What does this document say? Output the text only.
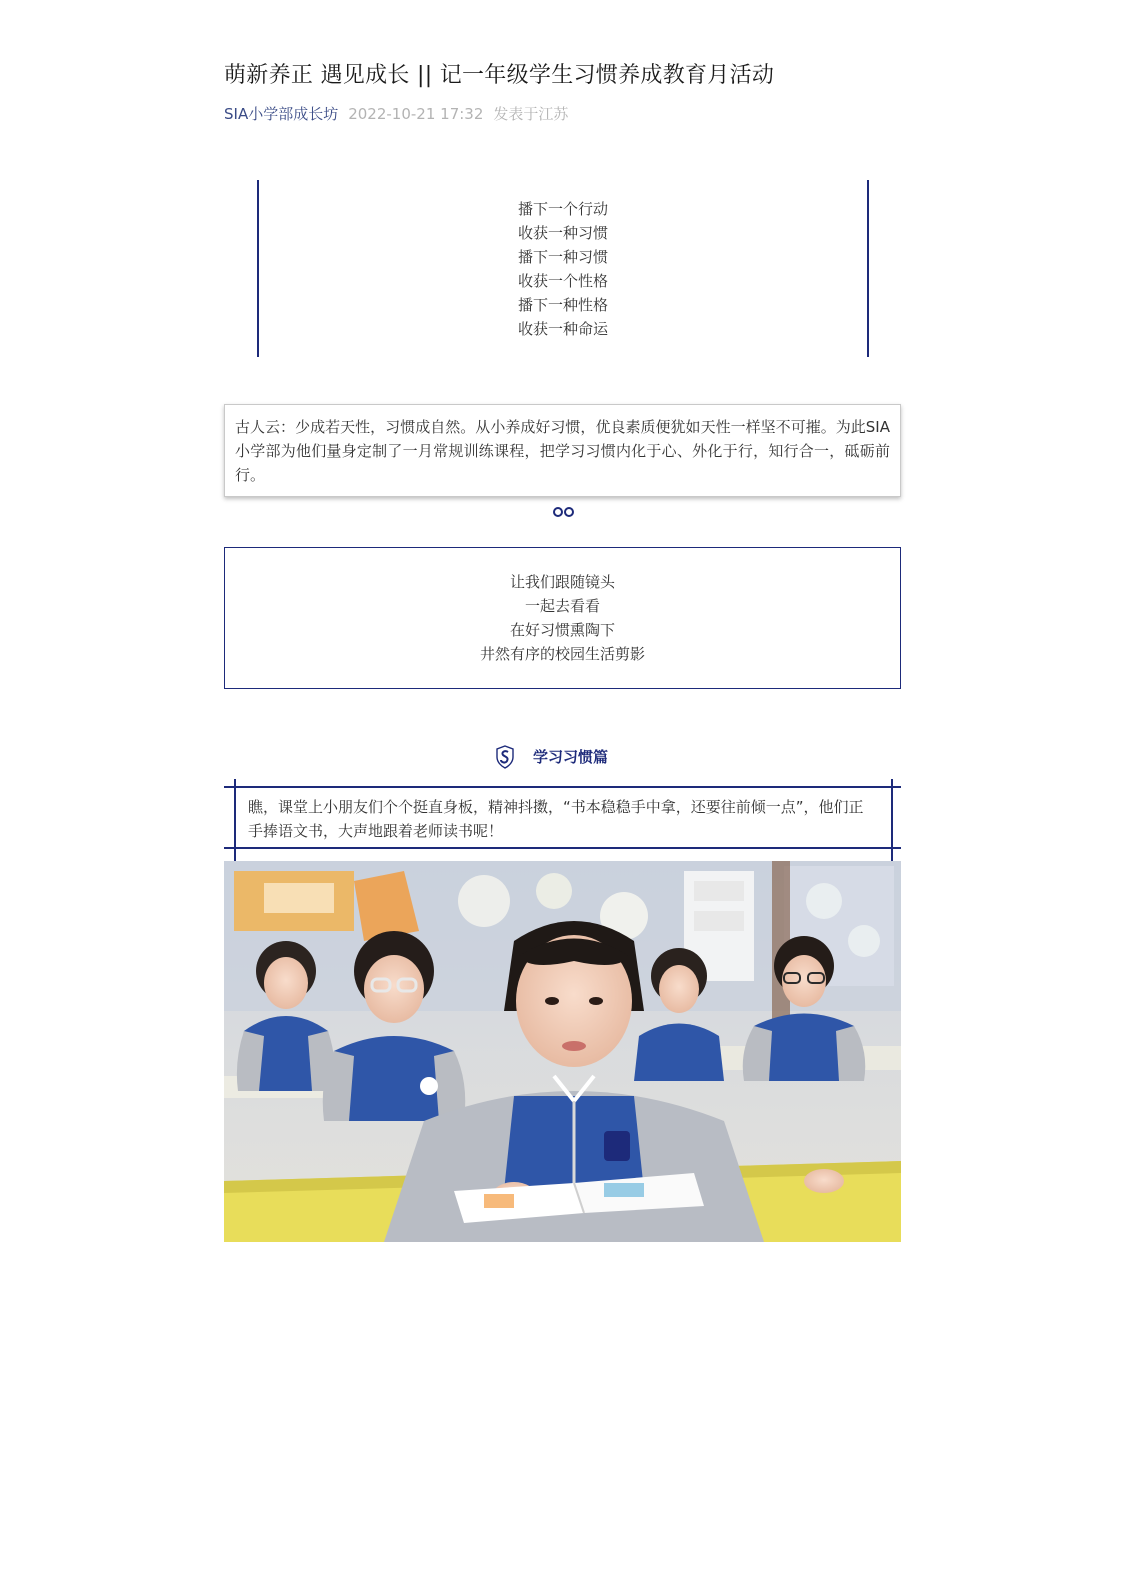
萌新养正 遇见成长 || 记一年级学生习惯养成教育月活动
SIA小学部成长坊 2022-10-21 17:32 发表于江苏
播下一个行动
收获一种习惯
播下一种习惯
收获一个性格
播下一种性格
收获一种命运
古人云：少成若天性，习惯成自然。从小养成好习惯，优良素质便犹如天性一样坚不可摧。为此SIA小学部为他们量身定制了一月常规训练课程，把学习习惯内化于心、外化于行，知行合一，砥砺前行。
让我们跟随镜头
一起去看看
在好习惯熏陶下
井然有序的校园生活剪影
学习习惯篇
瞧，课堂上小朋友们个个挺直身板，精神抖擞，“书本稳稳手中拿，还要往前倾一点”，他们正手捧语文书，大声地跟着老师读书呢！
